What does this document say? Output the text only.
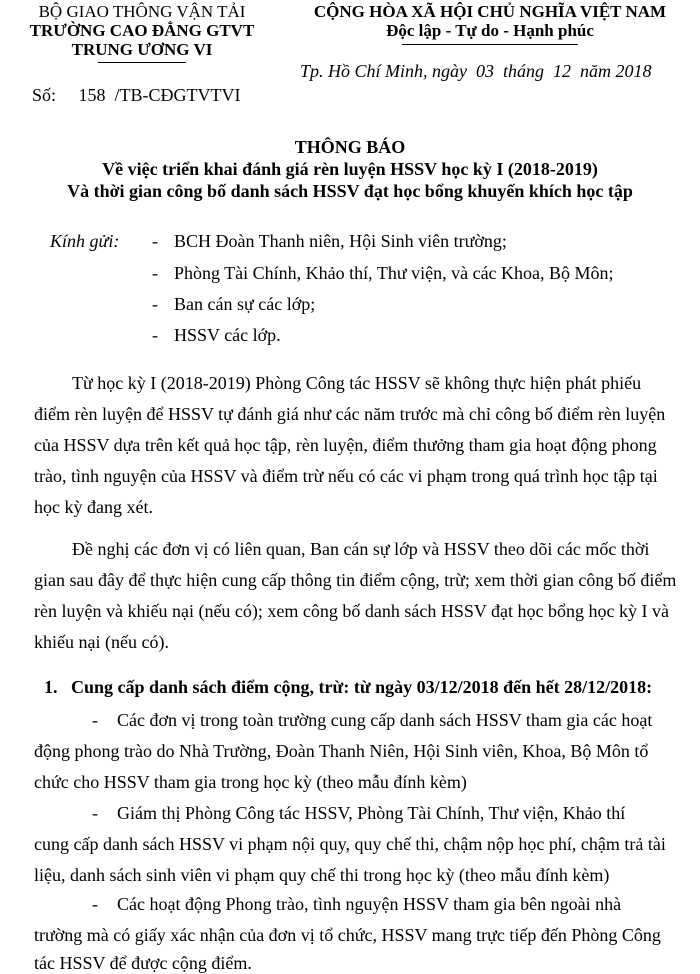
BỘ GIAO THÔNG VẬN TẢI
TRƯỜNG CAO ĐẲNG GTVT
TRUNG ƯƠNG VI
Số:     158  /TB-CĐGTVTVI
CỘNG HÒA XÃ HỘI CHỦ NGHĨA VIỆT NAM
Độc lập - Tự do - Hạnh phúc
Tp. Hồ Chí Minh, ngày  03  tháng  12  năm 2018
THÔNG BÁO
Về việc triển khai đánh giá rèn luyện HSSV học kỳ I (2018-2019)
Và thời gian công bố danh sách HSSV đạt học bổng khuyến khích học tập
Kính gửi: - BCH Đoàn Thanh niên, Hội Sinh viên trường;
- Phòng Tài Chính, Khảo thí, Thư viện, và các Khoa, Bộ Môn;
- Ban cán sự các lớp;
- HSSV các lớp.
Từ học kỳ I (2018-2019) Phòng Công tác HSSV sẽ không thực hiện phát phiếu
điểm rèn luyện để HSSV tự đánh giá như các năm trước mà chỉ công bố điểm rèn luyện
của HSSV dựa trên kết quả học tập, rèn luyện, điểm thưởng tham gia hoạt động phong
trào, tình nguyện của HSSV và điểm trừ nếu có các vi phạm trong quá trình học tập tại
học kỳ đang xét.
Đề nghị các đơn vị có liên quan, Ban cán sự lớp và HSSV theo dõi các mốc thời
gian sau đây để thực hiện cung cấp thông tin điểm cộng, trừ; xem thời gian công bố điểm
rèn luyện và khiếu nại (nếu có); xem công bố danh sách HSSV đạt học bổng học kỳ I và
khiếu nại (nếu có).
1.   Cung cấp danh sách điểm cộng, trừ: từ ngày 03/12/2018 đến hết 28/12/2018:
- Các đơn vị trong toàn trường cung cấp danh sách HSSV tham gia các hoạt
động phong trào do Nhà Trường, Đoàn Thanh Niên, Hội Sinh viên, Khoa, Bộ Môn tổ
chức cho HSSV tham gia trong học kỳ (theo mẫu đính kèm)
- Giám thị Phòng Công tác HSSV, Phòng Tài Chính, Thư viện, Khảo thí
cung cấp danh sách HSSV vi phạm nội quy, quy chế thi, chậm nộp học phí, chậm trả tài
liệu, danh sách sinh viên vi phạm quy chế thi trong học kỳ (theo mẫu đính kèm)
- Các hoạt động Phong trào, tình nguyện HSSV tham gia bên ngoài nhà
trường mà có giấy xác nhận của đơn vị tổ chức, HSSV mang trực tiếp đến Phòng Công
tác HSSV để được cộng điểm.
